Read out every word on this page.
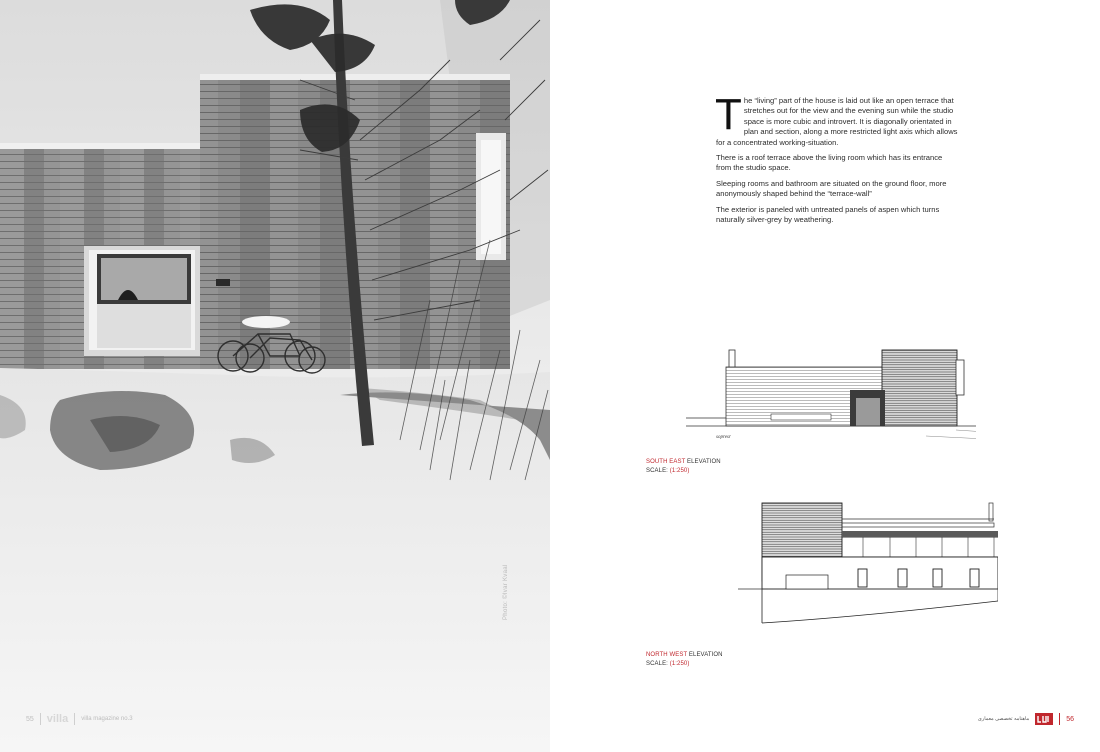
Photo: ©Ivar Kvaal
55 villa villa magazine no.3

The “living” part of the house is laid out like an open terrace that stretches out for the view and the evening sun while the studio space is more cubic and introvert. It is diagonally orientated in plan and section, along a more restricted light axis which allows for a concentrated working-situation.

There is a roof terrace above the living room which has its entrance from the studio space.

Sleeping rooms and bathroom are situated on the ground floor, more anonymously shaped behind the “terrace-wall”

The exterior is paneled with untreated panels of aspen which turns naturally silver-grey by weathering.

sopresr
SOUTH EAST ELEVATION
SCALE: (1:250)
NORTH WEST ELEVATION
SCALE: (1:250)
ماهنامه تخصصی معماری	56
